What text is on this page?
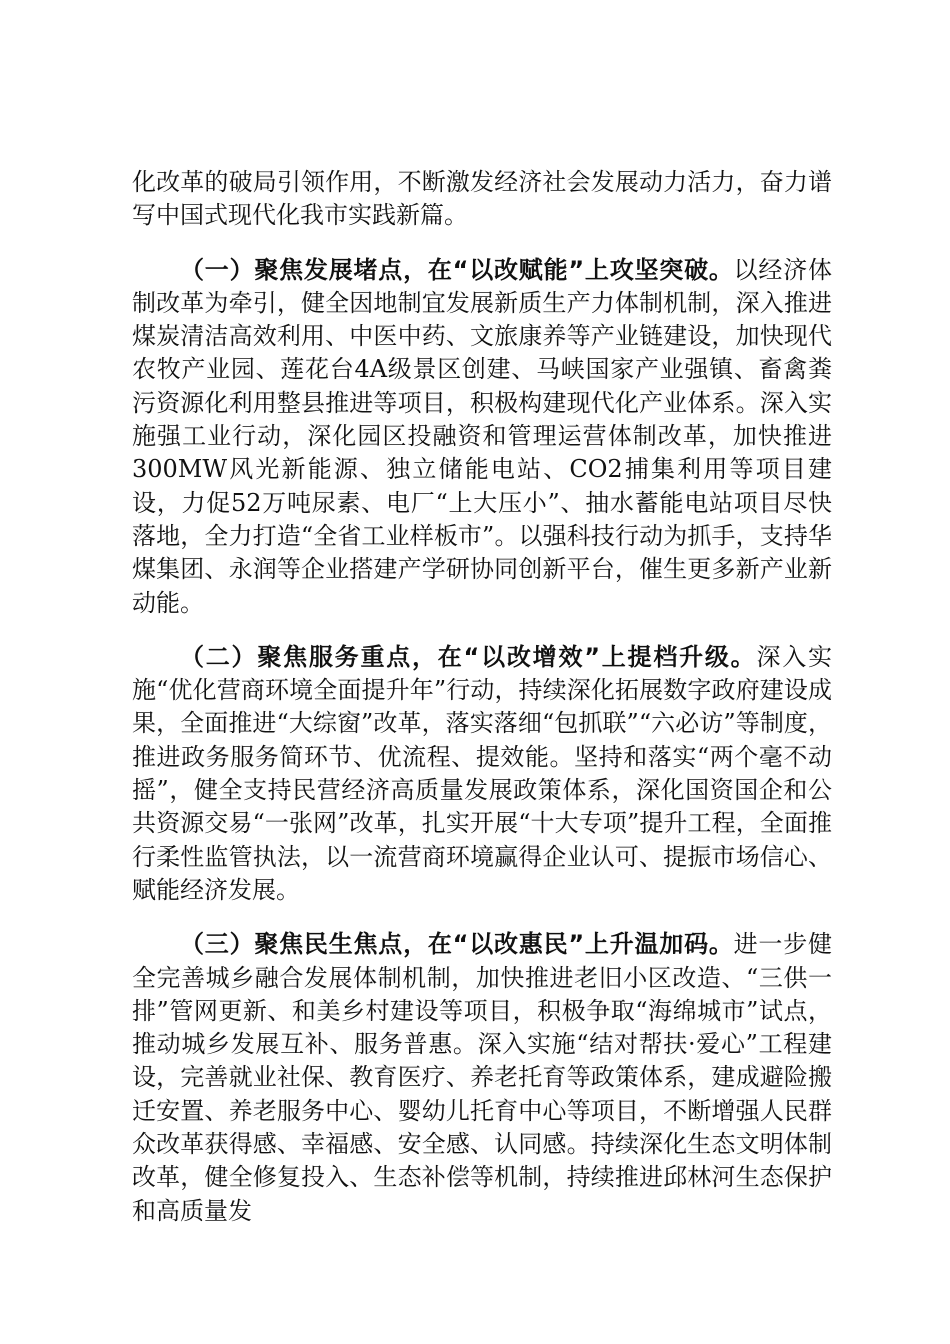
化改革的破局引领作用，不断激发经济社会发展动力活力，奋力谱写中国式现代化我市实践新篇。

（一）聚焦发展堵点，在“以改赋能”上攻坚突破。以经济体制改革为牵引，健全因地制宜发展新质生产力体制机制，深入推进煤炭清洁高效利用、中医中药、文旅康养等产业链建设，加快现代农牧产业园、莲花台4A级景区创建、马峡国家产业强镇、畜禽粪污资源化利用整县推进等项目，积极构建现代化产业体系。深入实施强工业行动，深化园区投融资和管理运营体制改革，加快推进300MW风光新能源、独立储能电站、CO2捕集利用等项目建设，力促52万吨尿素、电厂“上大压小”、抽水蓄能电站项目尽快落地，全力打造“全省工业样板市”。以强科技行动为抓手，支持华煤集团、永润等企业搭建产学研协同创新平台，催生更多新产业新动能。

（二）聚焦服务重点，在“以改增效”上提档升级。深入实施“优化营商环境全面提升年”行动，持续深化拓展数字政府建设成果，全面推进“大综窗”改革，落实落细“包抓联”“六必访”等制度，推进政务服务简环节、优流程、提效能。坚持和落实“两个毫不动摇”，健全支持民营经济高质量发展政策体系，深化国资国企和公共资源交易“一张网”改革，扎实开展“十大专项”提升工程，全面推行柔性监管执法，以一流营商环境赢得企业认可、提振市场信心、赋能经济发展。

（三）聚焦民生焦点，在“以改惠民”上升温加码。进一步健全完善城乡融合发展体制机制，加快推进老旧小区改造、“三供一排”管网更新、和美乡村建设等项目，积极争取“海绵城市”试点，推动城乡发展互补、服务普惠。深入实施“结对帮扶·爱心”工程建设，完善就业社保、教育医疗、养老托育等政策体系，建成避险搬迁安置、养老服务中心、婴幼儿托育中心等项目，不断增强人民群众改革获得感、幸福感、安全感、认同感。持续深化生态文明体制改革，健全修复投入、生态补偿等机制，持续推进邱林河生态保护和高质量发
